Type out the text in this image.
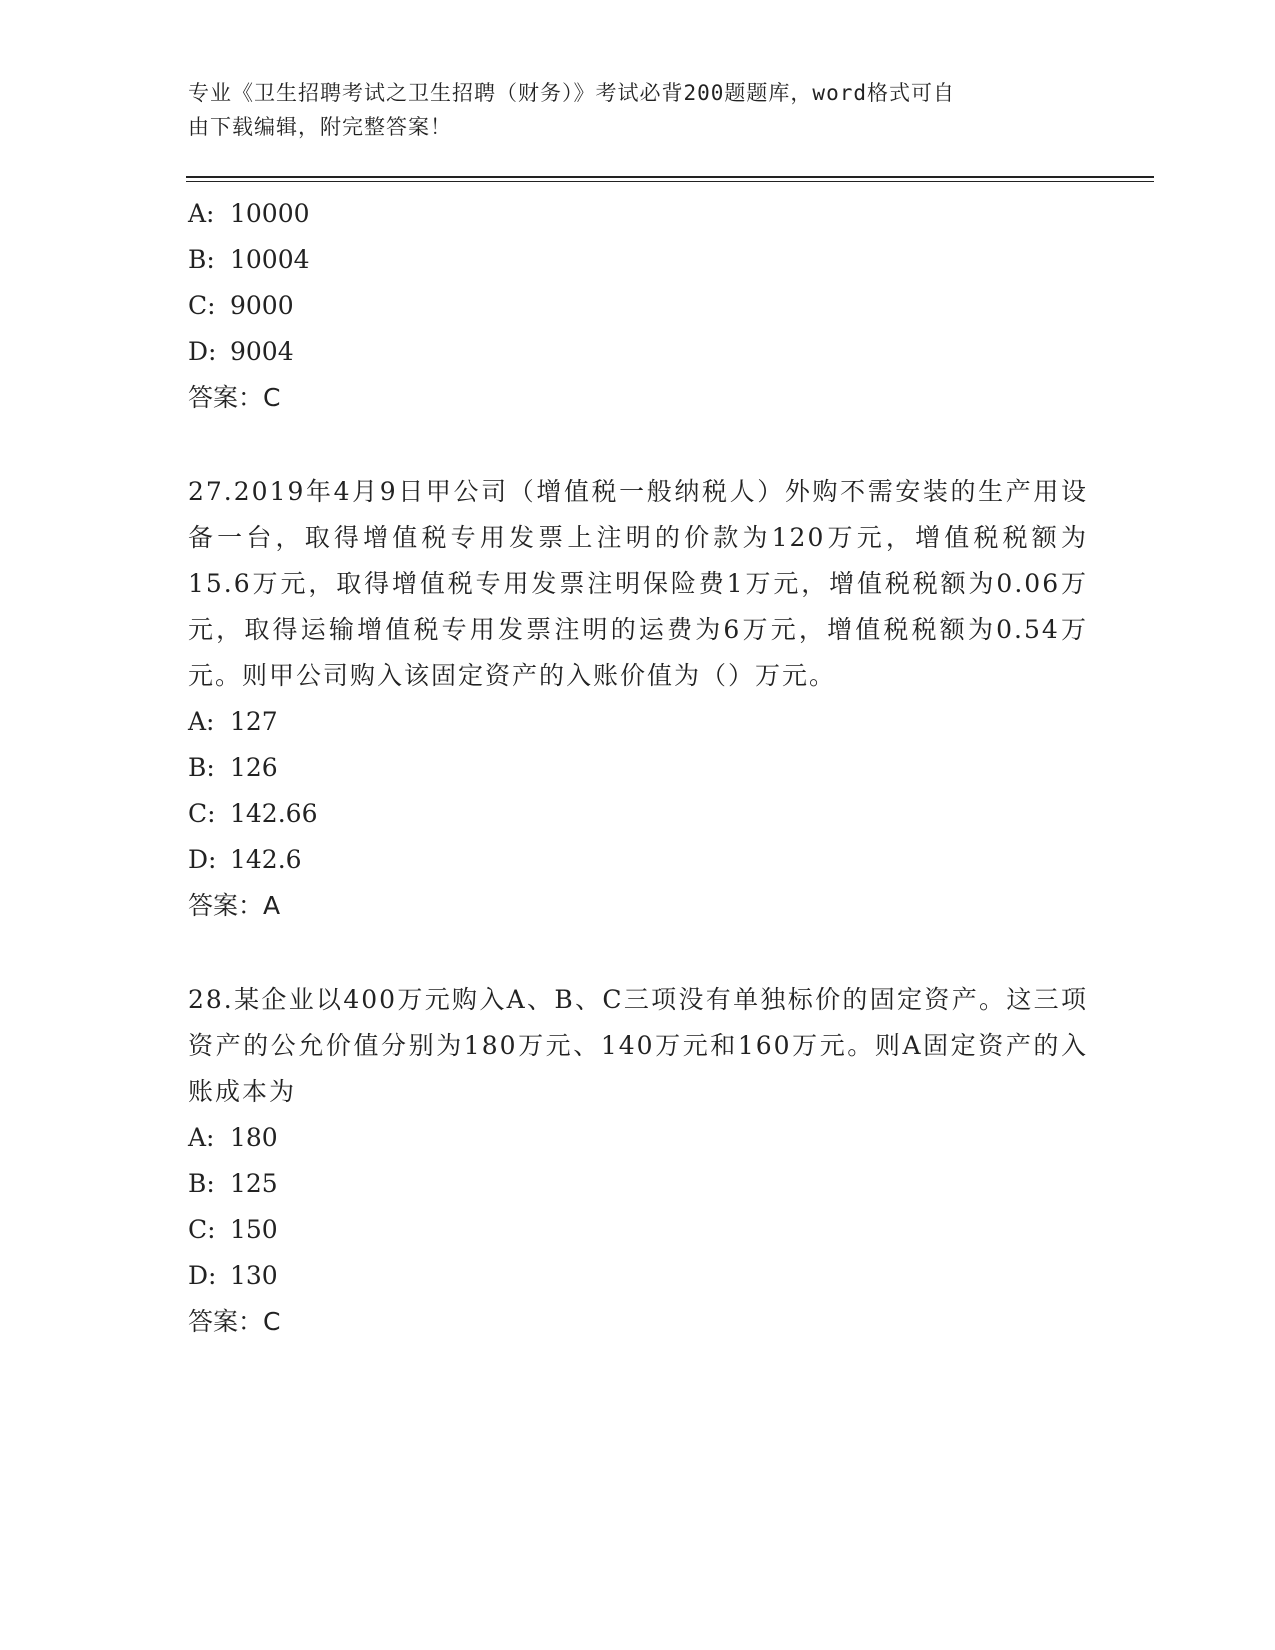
专业《卫生招聘考试之卫生招聘（财务）》考试必背200题题库，word格式可自
由下载编辑，附完整答案！
A: 10000
B: 10004
C: 9000
D: 9004
答案：C
27.2019年4月9日甲公司（增值税一般纳税人）外购不需安装的生产用设备一台，取得增值税专用发票上注明的价款为120万元，增值税税额为15.6万元，取得增值税专用发票注明保险费1万元，增值税税额为0.06万元，取得运输增值税专用发票注明的运费为6万元，增值税税额为0.54万元。则甲公司购入该固定资产的入账价值为（）万元。
A: 127
B: 126
C: 142.66
D: 142.6
答案：A
28.某企业以400万元购入A、B、C三项没有单独标价的固定资产。这三项资产的公允价值分别为180万元、140万元和160万元。则A固定资产的入账成本为
A: 180
B: 125
C: 150
D: 130
答案：C
